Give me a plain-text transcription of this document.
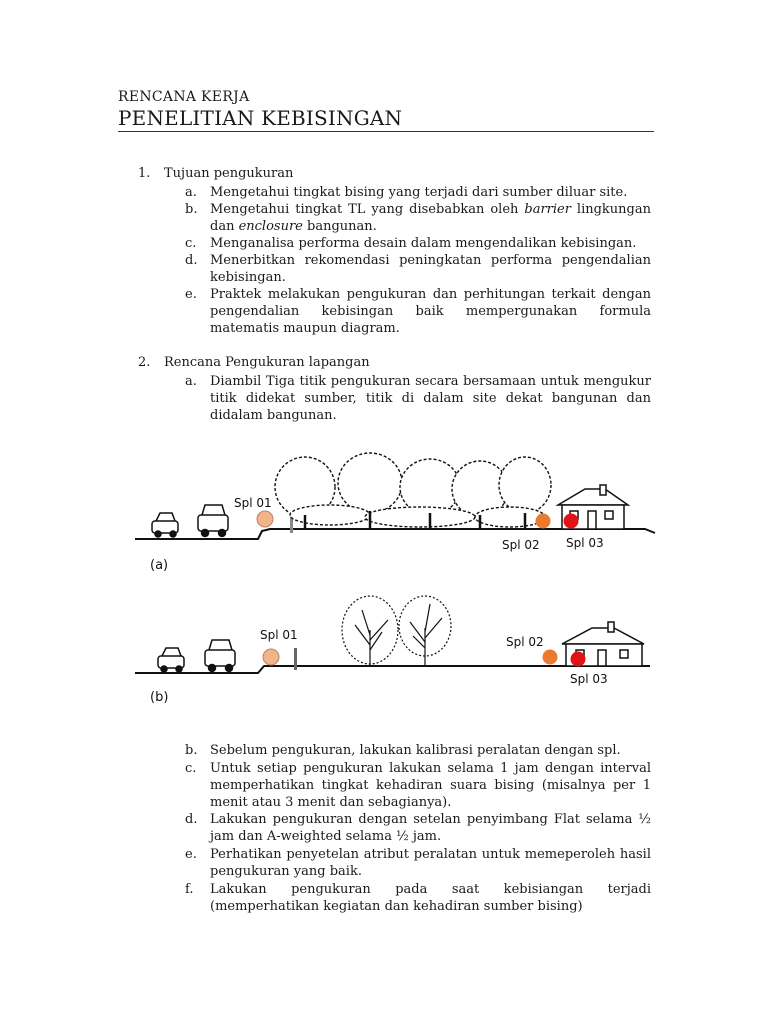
RENCANA KERJA
PENELITIAN KEBISINGAN
1. Tujuan pengukuran
a. Mengetahui tingkat bising yang terjadi dari sumber diluar site.
b. Mengetahui tingkat TL yang disebabkan oleh barrier lingkungan dan enclosure bangunan.
c. Menganalisa performa desain dalam mengendalikan kebisingan.
d. Menerbitkan rekomendasi peningkatan performa pengendalian kebisingan.
e. Praktek melakukan pengukuran dan perhitungan terkait dengan pengendalian kebisingan baik mempergunakan formula matematis maupun diagram.
2. Rencana Pengukuran lapangan
a. Diambil Tiga titik pengukuran secara bersamaan untuk mengukur titik didekat sumber, titik di dalam site dekat bangunan dan didalam bangunan.
Spl 01
Spl 02 Spl 03
(a)
Spl 01	Spl 02
Spl 03
(b)
b. Sebelum pengukuran, lakukan kalibrasi peralatan dengan spl.
c. Untuk setiap pengukuran lakukan selama 1 jam dengan interval memperhatikan tingkat kehadiran suara bising (misalnya per 1 menit atau 3 menit dan sebagianya).
d. Lakukan pengukuran dengan setelan penyimbang Flat selama ½ jam dan A-weighted selama ½ jam.
e. Perhatikan penyetelan atribut peralatan untuk memeperoleh hasil pengukuran yang baik.
f. Lakukan pengukuran pada saat kebisiangan terjadi (memperhatikan kegiatan dan kehadiran sumber bising)
